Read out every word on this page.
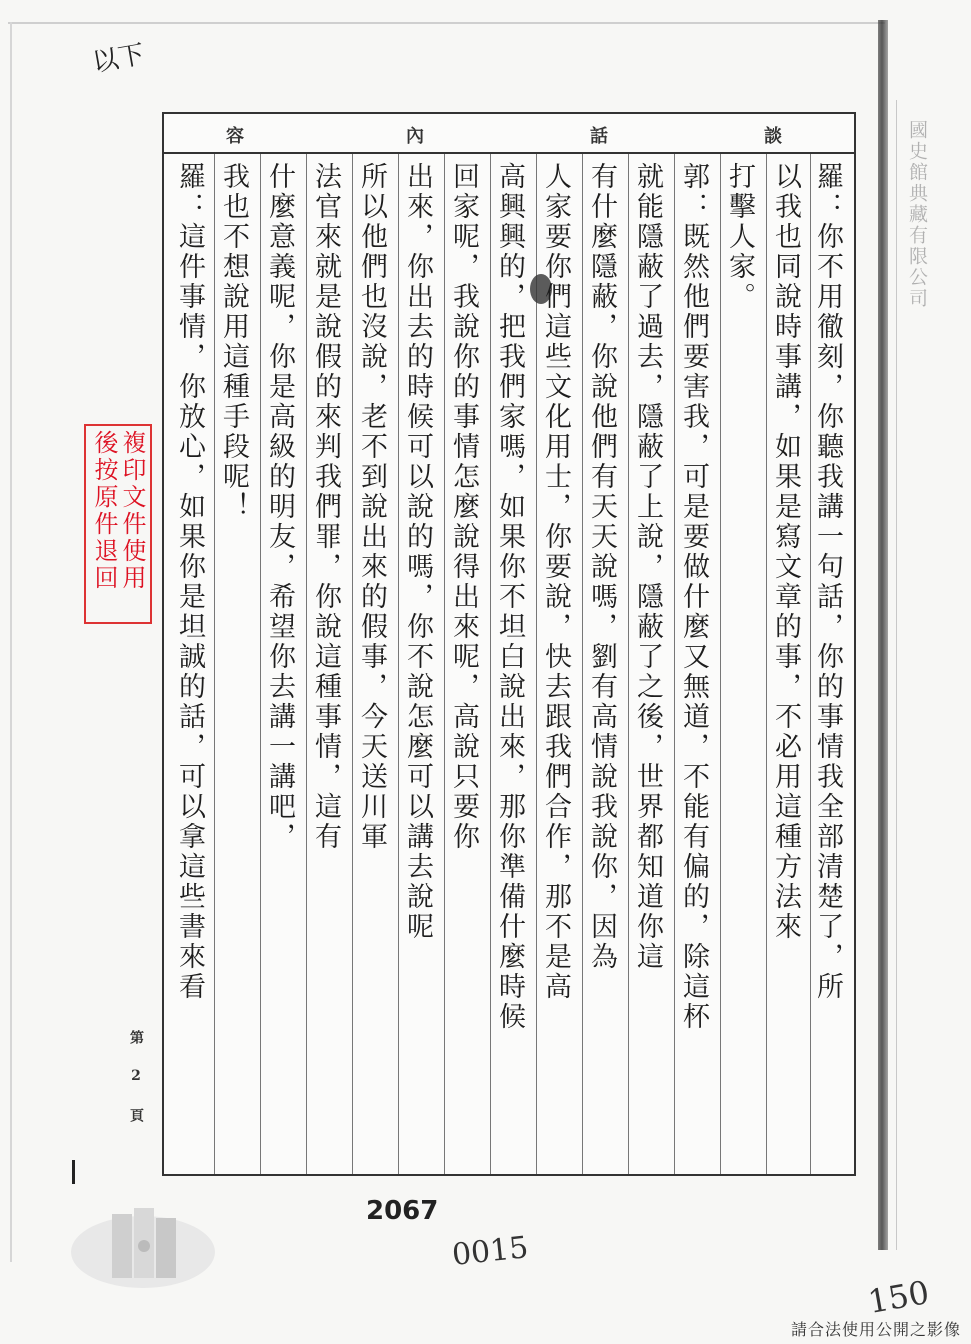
國史館典藏有限公司
以下
談
話
內
容
羅：你不用徹刻，你聽我講一句話，你的事情我全部清楚了，所
以我也同說時事講，如果是寫文章的事，不必用這種方法來
打擊人家。
郭：既然他們要害我，可是要做什麼又無道，不能有偏的，除這杯
就能隱蔽了過去，隱蔽了上說，隱蔽了之後，世界都知道你這
有什麼隱蔽，你說他們有天天說嗎，劉有高情說我說你，因為
人家要你們這些文化用士，你要說，快去跟我們合作，那不是高
高興興的，把我們家嗎，如果你不坦白說出來，那你準備什麼時候
回家呢，我說你的事情怎麼說得出來呢，高說只要你
出來，你出去的時候可以說的嗎，你不說怎麼可以講去說呢
所以他們也沒說，老不到說出來的假事，今天送川軍
法官來就是說假的來判我們罪，你說這種事情，這有
什麼意義呢，你是高級的明友，希望你去講一講吧，
我也不想說用這種手段呢！
羅：這件事情，你放心，如果你是坦誠的話，可以拿這些書來看
複印文件使用
後按原件退回
第2頁
2067
0015
150
請合法使用公開之影像
